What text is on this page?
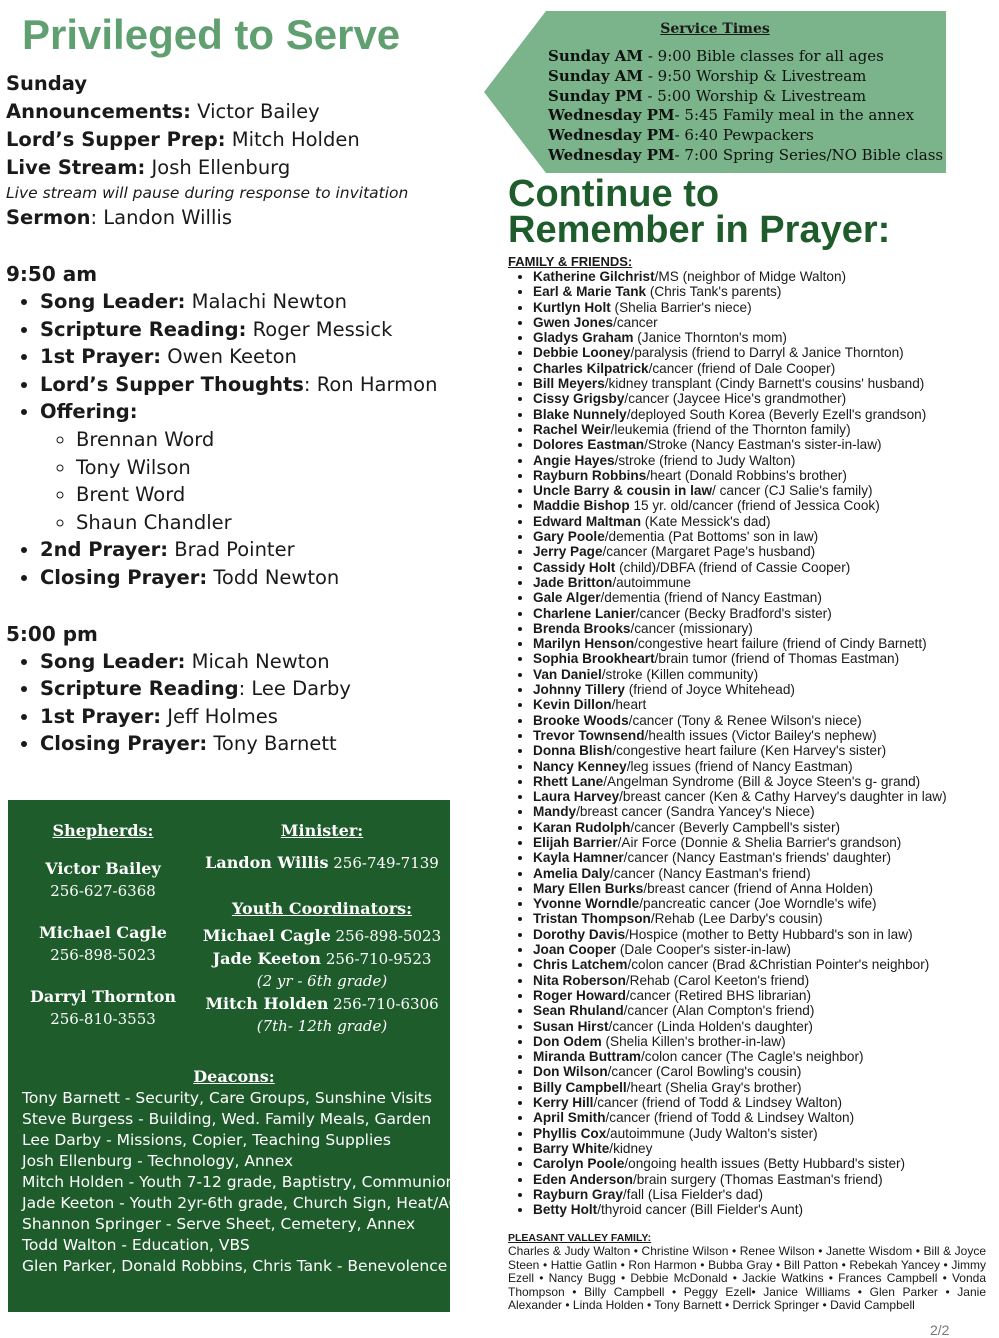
Privileged to Serve
Sunday
Announcements: Victor Bailey
Lord’s Supper Prep: Mitch Holden
Live Stream: Josh Ellenburg
Live stream will pause during response to invitation
Sermon: Landon Willis
9:50 am
• Song Leader: Malachi Newton
• Scripture Reading: Roger Messick
• 1st Prayer: Owen Keeton
• Lord’s Supper Thoughts: Ron Harmon
• Offering:
◦ Brennan Word
◦ Tony Wilson
◦ Brent Word
◦ Shaun Chandler
• 2nd Prayer: Brad Pointer
• Closing Prayer: Todd Newton
5:00 pm
• Song Leader: Micah Newton
• Scripture Reading: Lee Darby
• 1st Prayer: Jeff Holmes
• Closing Prayer: Tony Barnett
Shepherds:
Victor Bailey
256-627-6368
Michael Cagle
256-898-5023
Darryl Thornton
256-810-3553
Minister:
Landon Willis 256-749-7139
Youth Coordinators:
Michael Cagle 256-898-5023
Jade Keeton 256-710-9523
(2 yr - 6th grade)
Mitch Holden 256-710-6306
(7th- 12th grade)
Deacons:
Tony Barnett - Security, Care Groups, Sunshine Visits
Steve Burgess - Building, Wed. Family Meals, Garden
Lee Darby - Missions, Copier, Teaching Supplies
Josh Ellenburg - Technology, Annex
Mitch Holden - Youth 7-12 grade, Baptistry, Communion
Jade Keeton - Youth 2yr-6th grade, Church Sign, Heat/AC
Shannon Springer - Serve Sheet, Cemetery, Annex
Todd Walton - Education, VBS
Glen Parker, Donald Robbins, Chris Tank - Benevolence
Service Times
Sunday AM - 9:00 Bible classes for all ages
Sunday AM - 9:50 Worship & Livestream
Sunday PM - 5:00 Worship & Livestream
Wednesday PM- 5:45 Family meal in the annex
Wednesday PM- 6:40 Pewpackers
Wednesday PM- 7:00 Spring Series/NO Bible class
Continue to
Remember in Prayer:
FAMILY & FRIENDS:
• Katherine Gilchrist/MS (neighbor of Midge Walton)
• Earl & Marie Tank (Chris Tank's parents)
• Kurtlyn Holt (Shelia Barrier's niece)
• Gwen Jones/cancer
• Gladys Graham (Janice Thornton's mom)
• Debbie Looney/paralysis (friend to Darryl & Janice Thornton)
• Charles Kilpatrick/cancer (friend of Dale Cooper)
• Bill Meyers/kidney transplant (Cindy Barnett's cousins' husband)
• Cissy Grigsby/cancer (Jaycee Hice's grandmother)
• Blake Nunnely/deployed South Korea (Beverly Ezell's grandson)
• Rachel Weir/leukemia (friend of the Thornton family)
• Dolores Eastman/Stroke (Nancy Eastman's sister-in-law)
• Angie Hayes/stroke (friend to Judy Walton)
• Rayburn Robbins/heart (Donald Robbins's brother)
• Uncle Barry & cousin in law/ cancer (CJ Salie's family)
• Maddie Bishop 15 yr. old/cancer (friend of Jessica Cook)
• Edward Maltman (Kate Messick's dad)
• Gary Poole/dementia (Pat Bottoms' son in law)
• Jerry Page/cancer (Margaret Page's husband)
• Cassidy Holt (child)/DBFA (friend of Cassie Cooper)
• Jade Britton/autoimmune
• Gale Alger/dementia (friend of Nancy Eastman)
• Charlene Lanier/cancer (Becky Bradford's sister)
• Brenda Brooks/cancer (missionary)
• Marilyn Henson/congestive heart failure (friend of Cindy Barnett)
• Sophia Brookheart/brain tumor (friend of Thomas Eastman)
• Van Daniel/stroke (Killen community)
• Johnny Tillery (friend of Joyce Whitehead)
• Kevin Dillon/heart
• Brooke Woods/cancer (Tony & Renee Wilson's niece)
• Trevor Townsend/health issues (Victor Bailey's nephew)
• Donna Blish/congestive heart failure (Ken Harvey's sister)
• Nancy Kenney/leg issues (friend of Nancy Eastman)
• Rhett Lane/Angelman Syndrome (Bill & Joyce Steen's g- grand)
• Laura Harvey/breast cancer (Ken & Cathy Harvey's daughter in law)
• Mandy/breast cancer (Sandra Yancey's Niece)
• Karan Rudolph/cancer (Beverly Campbell's sister)
• Elijah Barrier/Air Force (Donnie & Shelia Barrier's grandson)
• Kayla Hamner/cancer (Nancy Eastman's friends' daughter)
• Amelia Daly/cancer (Nancy Eastman's friend)
• Mary Ellen Burks/breast cancer (friend of Anna Holden)
• Yvonne Worndle/pancreatic cancer (Joe Worndle's wife)
• Tristan Thompson/Rehab (Lee Darby's cousin)
• Dorothy Davis/Hospice (mother to Betty Hubbard's son in law)
• Joan Cooper (Dale Cooper's sister-in-law)
• Chris Latchem/colon cancer (Brad &Christian Pointer's neighbor)
• Nita Roberson/Rehab (Carol Keeton's friend)
• Roger Howard/cancer (Retired BHS librarian)
• Sean Rhuland/cancer (Alan Compton's friend)
• Susan Hirst/cancer (Linda Holden's daughter)
• Don Odem (Shelia Killen's brother-in-law)
• Miranda Buttram/colon cancer (The Cagle's neighbor)
• Don Wilson/cancer (Carol Bowling's cousin)
• Billy Campbell/heart (Shelia Gray's brother)
• Kerry Hill/cancer (friend of Todd & Lindsey Walton)
• April Smith/cancer (friend of Todd & Lindsey Walton)
• Phyllis Cox/autoimmune (Judy Walton's sister)
• Barry White/kidney
• Carolyn Poole/ongoing health issues (Betty Hubbard's sister)
• Eden Anderson/brain surgery (Thomas Eastman's friend)
• Rayburn Gray/fall (Lisa Fielder's dad)
• Betty Holt/thyroid cancer (Bill Fielder's Aunt)
PLEASANT VALLEY FAMILY:
Charles & Judy Walton • Christine Wilson • Renee Wilson • Janette Wisdom • Bill & Joyce Steen • Hattie Gatlin • Ron Harmon • Bubba Gray • Bill Patton • Rebekah Yancey • Jimmy Ezell • Nancy Bugg • Debbie McDonald • Jackie Watkins • Frances Campbell • Vonda Thompson • Billy Campbell • Peggy Ezell• Janice Williams • Glen Parker • Janie Alexander • Linda Holden • Tony Barnett • Derrick Springer • David Campbell
2/2
